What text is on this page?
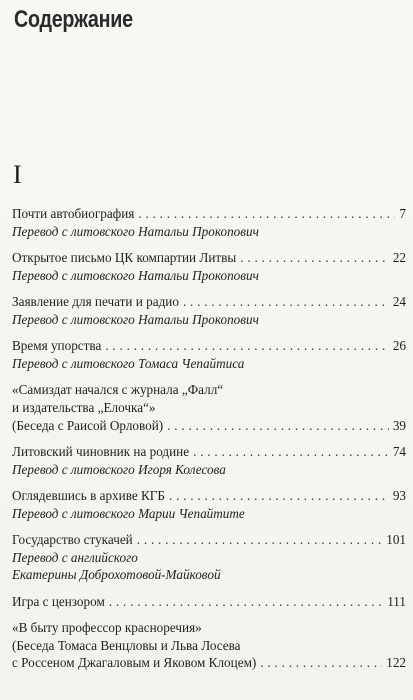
Содержание
I
Почти автобиография . . .	7
Перевод с литовского Натальи Прокопович
Открытое письмо ЦК компартии Литвы . . .	22
Перевод с литовского Натальи Прокопович
Заявление для печати и радио . . .	24
Перевод с литовского Натальи Прокопович
Время упорства . . .	26
Перевод с литовского Томаса Чепайтиса
«Самиздат начался с журнала „Фалл“
и издательства „Елочка“»
(Беседа с Раисой Орловой) . . .	39
Литовский чиновник на родине . . .	74
Перевод с литовского Игоря Колесова
Оглядевшись в архиве КГБ . . .	93
Перевод с литовского Марии Чепайтите
Государство стукачей . . .	101
Перевод с английского
Екатерины Доброхотовой-Майковой
Игра с цензором . . .	111
«В быту профессор красноречия»
(Беседа Томаса Венцловы и Льва Лосева
с Россеном Джагаловым и Яковом Клоцем) . . .	122
